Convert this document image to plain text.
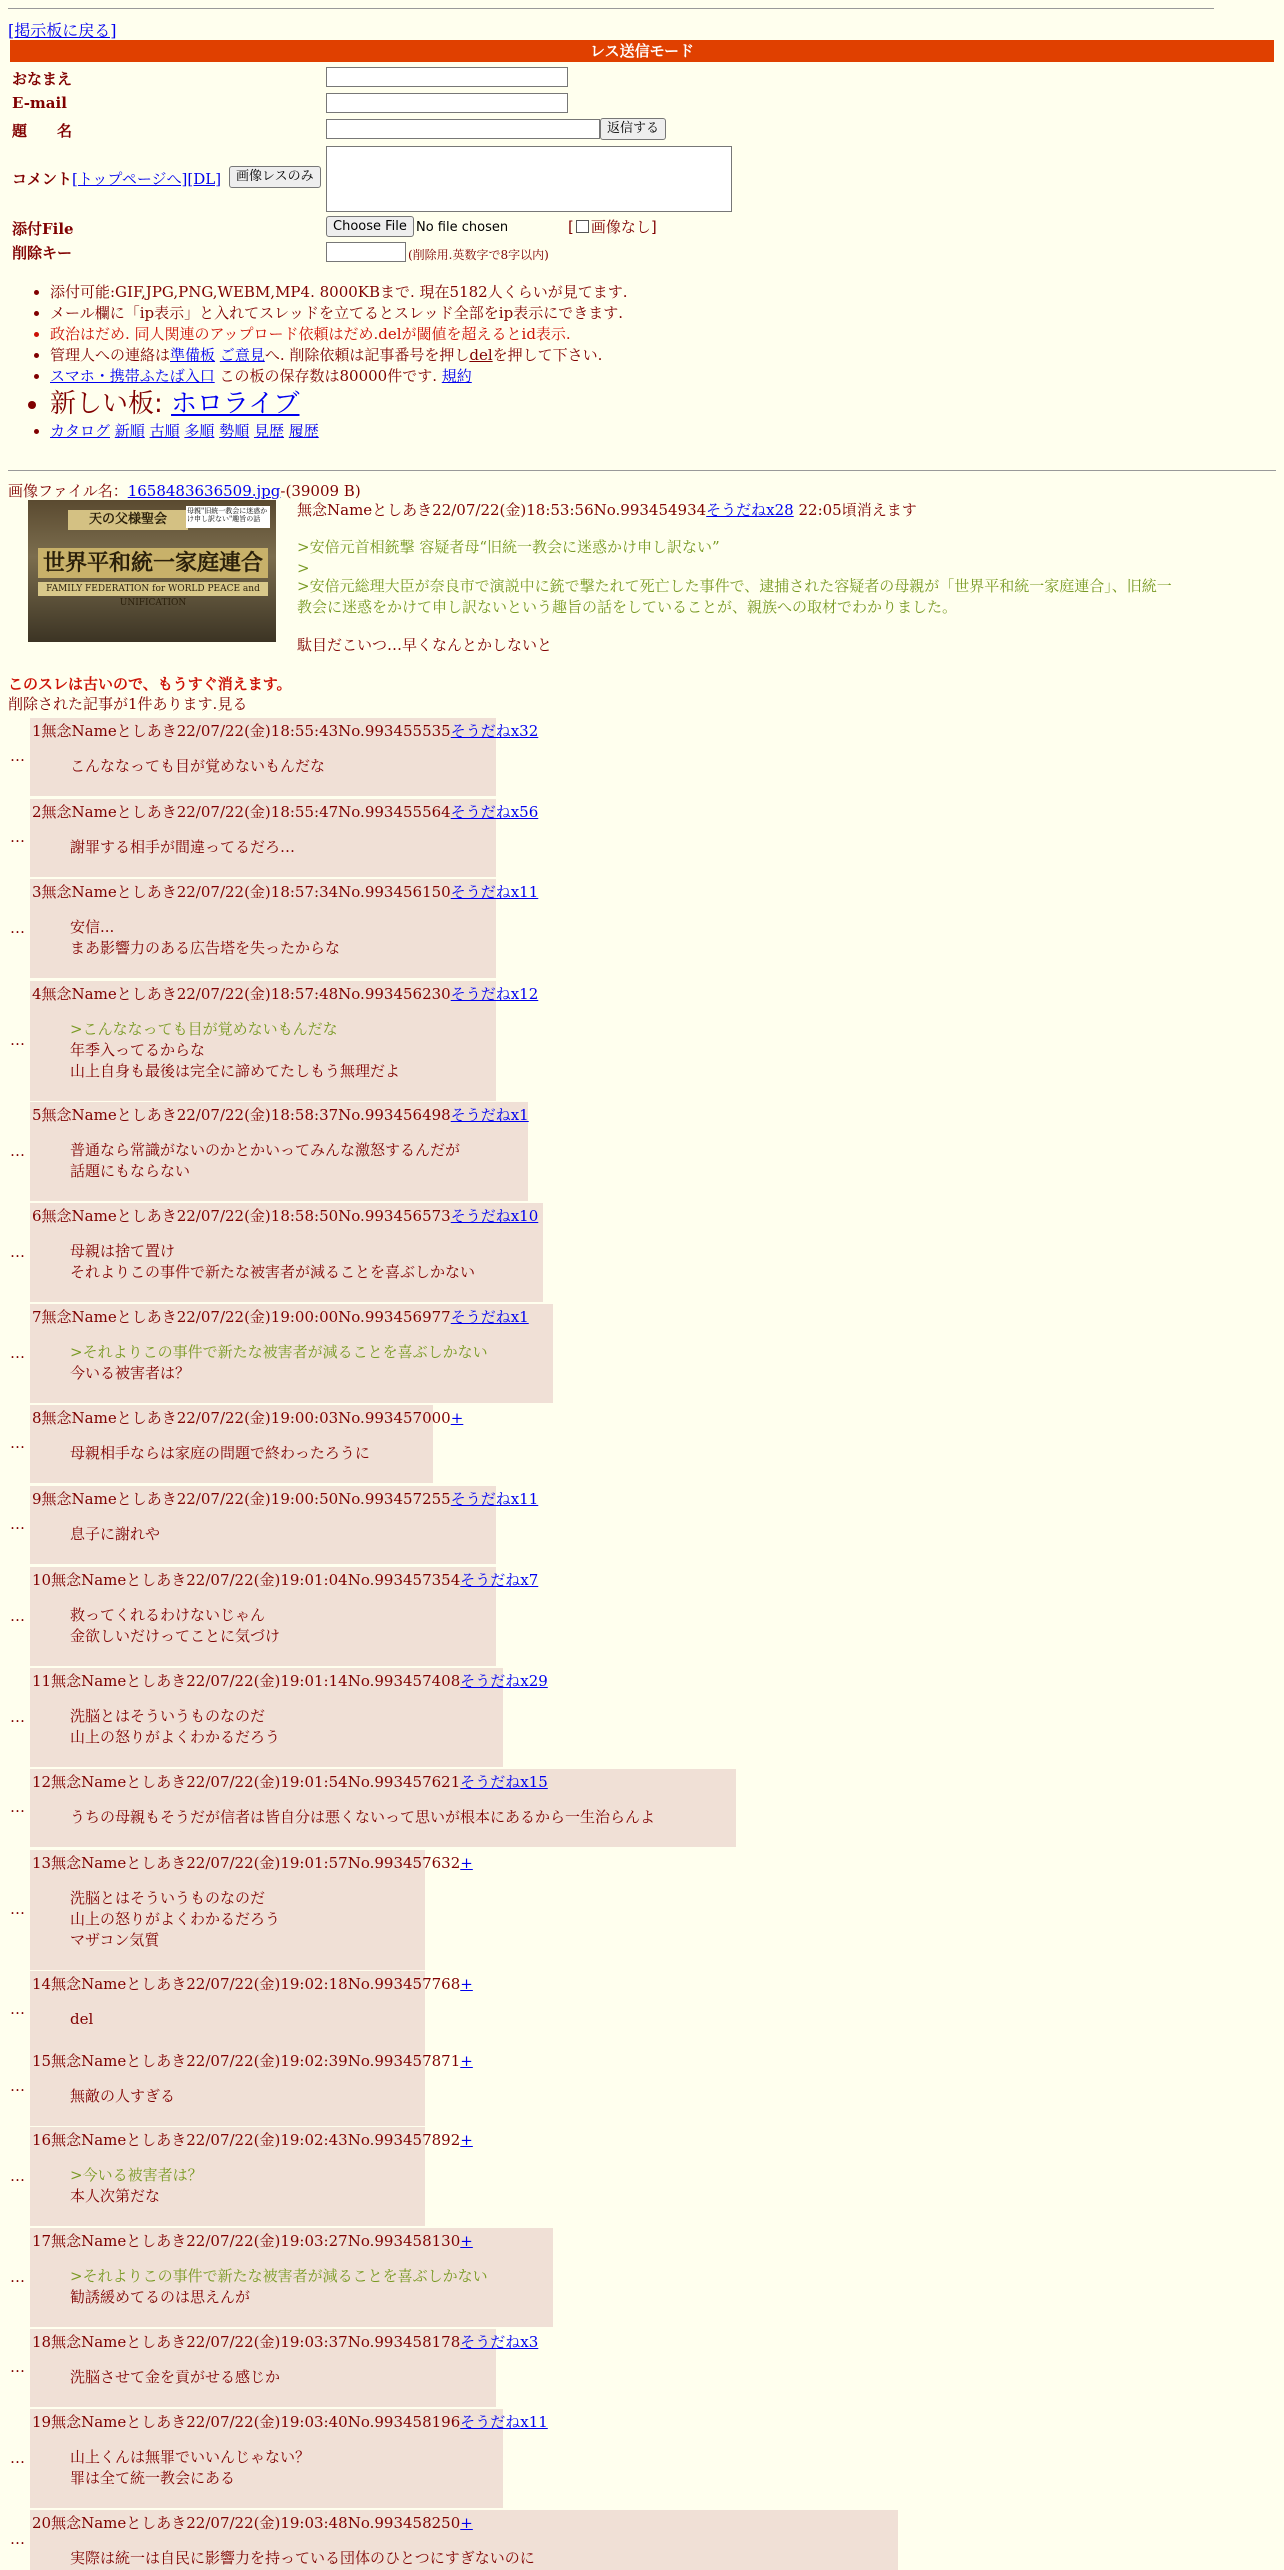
[掲示板に戻る]
レス送信モード
おなまえ
E-mail
題　　名	返信する
コメント[トップページへ][DL]	画像レスのみ
添付File	Choose File No file chosen	[ 画像なし]
削除キー	(削除用.英数字で8字以内)
• 添付可能:GIF,JPG,PNG,WEBM,MP4. 8000KBまで. 現在5182人くらいが見てます.
• メール欄に「ip表示」と入れてスレッドを立てるとスレッド全部をip表示にできます.
• 政治はだめ. 同人関連のアップロード依頼はだめ.delが閾値を超えるとid表示.
• 管理人への連絡は準備板 ご意見へ. 削除依頼は記事番号を押しdelを押して下さい.
• スマホ・携帯ふたば入口 この板の保存数は80000件です. 規約
• 新しい板: ホロライブ
• カタログ 新順 古順 多順 勢順 見歴 履歴
画像ファイル名：1658483636509.jpg-(39009 B)
天の父様聖会
母親"旧統一教会に迷惑かけ申し訳ない"趣旨の話
世界平和統一家庭連合
FAMILY FEDERATION for WORLD PEACE and UNIFICATION
無念Nameとしあき22/07/22(金)18:53:56No.993454934そうだねx28 22:05頃消えます
>安倍元首相銃撃 容疑者母“旧統一教会に迷惑かけ申し訳ない”
>
>安倍元総理大臣が奈良市で演説中に銃で撃たれて死亡した事件で、逮捕された容疑者の母親が「世界平和統一家庭連合」、旧統一
教会に迷惑をかけて申し訳ないという趣旨の話をしていることが、親族への取材でわかりました。
駄目だこいつ…早くなんとかしないと
このスレは古いので、もうすぐ消えます。
削除された記事が1件あります.見る
…
1無念Nameとしあき22/07/22(金)18:55:43No.993455535そうだねx32
こんななっても目が覚めないもんだな
…
2無念Nameとしあき22/07/22(金)18:55:47No.993455564そうだねx56
謝罪する相手が間違ってるだろ…
…
3無念Nameとしあき22/07/22(金)18:57:34No.993456150そうだねx11
安信...
まあ影響力のある広告塔を失ったからな
…
4無念Nameとしあき22/07/22(金)18:57:48No.993456230そうだねx12
>こんななっても目が覚めないもんだな
年季入ってるからな
山上自身も最後は完全に諦めてたしもう無理だよ
…
5無念Nameとしあき22/07/22(金)18:58:37No.993456498そうだねx1
普通なら常識がないのかとかいってみんな激怒するんだが
話題にもならない
…
6無念Nameとしあき22/07/22(金)18:58:50No.993456573そうだねx10
母親は捨て置け
それよりこの事件で新たな被害者が減ることを喜ぶしかない
…
7無念Nameとしあき22/07/22(金)19:00:00No.993456977そうだねx1
>それよりこの事件で新たな被害者が減ることを喜ぶしかない
今いる被害者は？
…
8無念Nameとしあき22/07/22(金)19:00:03No.993457000+
母親相手ならは家庭の問題で終わったろうに
…
9無念Nameとしあき22/07/22(金)19:00:50No.993457255そうだねx11
息子に謝れや
…
10無念Nameとしあき22/07/22(金)19:01:04No.993457354そうだねx7
救ってくれるわけないじゃん
金欲しいだけってことに気づけ
…
11無念Nameとしあき22/07/22(金)19:01:14No.993457408そうだねx29
洗脳とはそういうものなのだ
山上の怒りがよくわかるだろう
…
12無念Nameとしあき22/07/22(金)19:01:54No.993457621そうだねx15
うちの母親もそうだが信者は皆自分は悪くないって思いが根本にあるから一生治らんよ
…
13無念Nameとしあき22/07/22(金)19:01:57No.993457632+
洗脳とはそういうものなのだ
山上の怒りがよくわかるだろう
マザコン気質
…
14無念Nameとしあき22/07/22(金)19:02:18No.993457768+
del
…
15無念Nameとしあき22/07/22(金)19:02:39No.993457871+
無敵の人すぎる
…
16無念Nameとしあき22/07/22(金)19:02:43No.993457892+
>今いる被害者は？
本人次第だな
…
17無念Nameとしあき22/07/22(金)19:03:27No.993458130+
>それよりこの事件で新たな被害者が減ることを喜ぶしかない
勧誘緩めてるのは思えんが
…
18無念Nameとしあき22/07/22(金)19:03:37No.993458178そうだねx3
洗脳させて金を貢がせる感じか
…
19無念Nameとしあき22/07/22(金)19:03:40No.993458196そうだねx11
山上くんは無罪でいいんじゃない？
罪は全て統一教会にある
…
20無念Nameとしあき22/07/22(金)19:03:48No.993458250+
実際は統一は自民に影響力を持っている団体のひとつにすぎないのに
